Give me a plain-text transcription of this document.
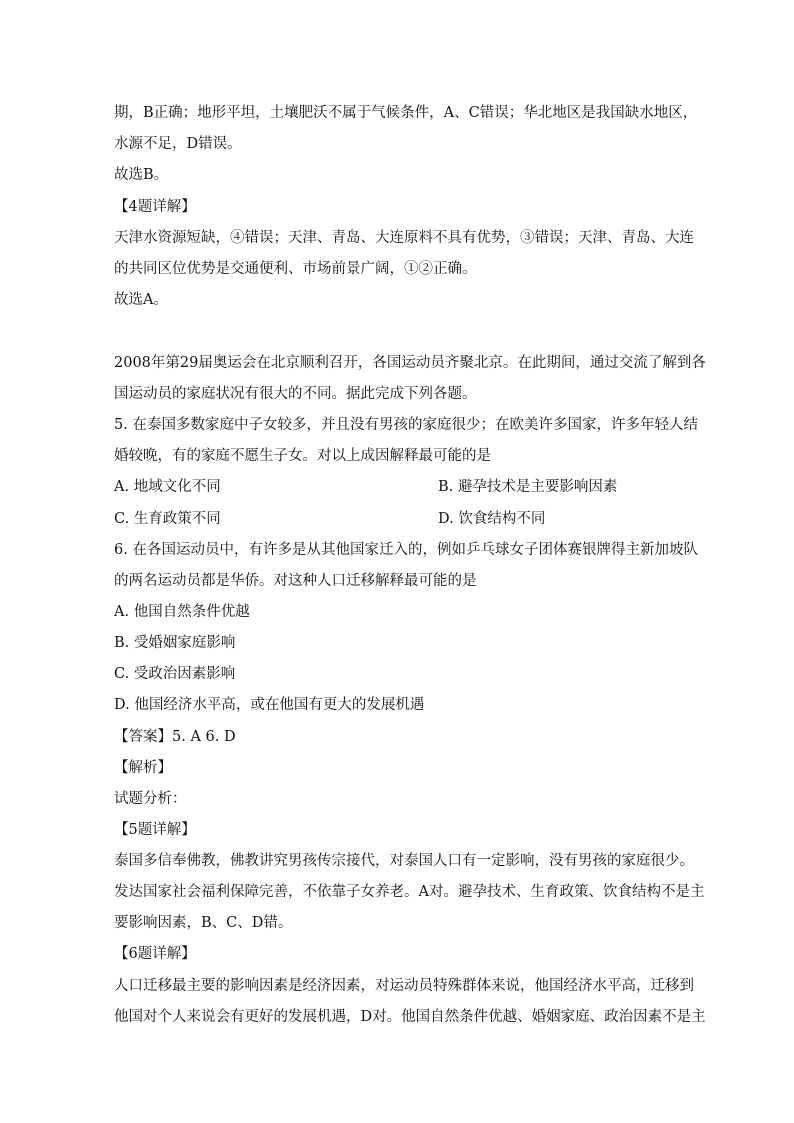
期，B正确；地形平坦，土壤肥沃不属于气候条件，A、C错误；华北地区是我国缺水地区，
水源不足，D错误。
故选B。
【4题详解】
天津水资源短缺，④错误；天津、青岛、大连原料不具有优势，③错误；天津、青岛、大连
的共同区位优势是交通便利、市场前景广阔，①②正确。
故选A。
2008年第29届奥运会在北京顺利召开，各国运动员齐聚北京。在此期间，通过交流了解到各
国运动员的家庭状况有很大的不同。据此完成下列各题。
5. 在泰国多数家庭中子女较多，并且没有男孩的家庭很少；在欧美许多国家，许多年轻人结
婚较晚，有的家庭不愿生子女。对以上成因解释最可能的是
A. 地域文化不同	B. 避孕技术是主要影响因素
C. 生育政策不同	D. 饮食结构不同
6. 在各国运动员中，有许多是从其他国家迁入的，例如乒乓球女子团体赛银牌得主新加坡队
的两名运动员都是华侨。对这种人口迁移解释最可能的是
A. 他国自然条件优越
B. 受婚姻家庭影响
C. 受政治因素影响
D. 他国经济水平高，或在他国有更大的发展机遇
【答案】5. A 6. D
【解析】
试题分析：
【5题详解】
泰国多信奉佛教，佛教讲究男孩传宗接代，对泰国人口有一定影响，没有男孩的家庭很少。
发达国家社会福利保障完善，不依靠子女养老。A对。避孕技术、生育政策、饮食结构不是主
要影响因素，B、C、D错。
【6题详解】
人口迁移最主要的影响因素是经济因素，对运动员特殊群体来说，他国经济水平高，迁移到
他国对个人来说会有更好的发展机遇，D对。他国自然条件优越、婚姻家庭、政治因素不是主
